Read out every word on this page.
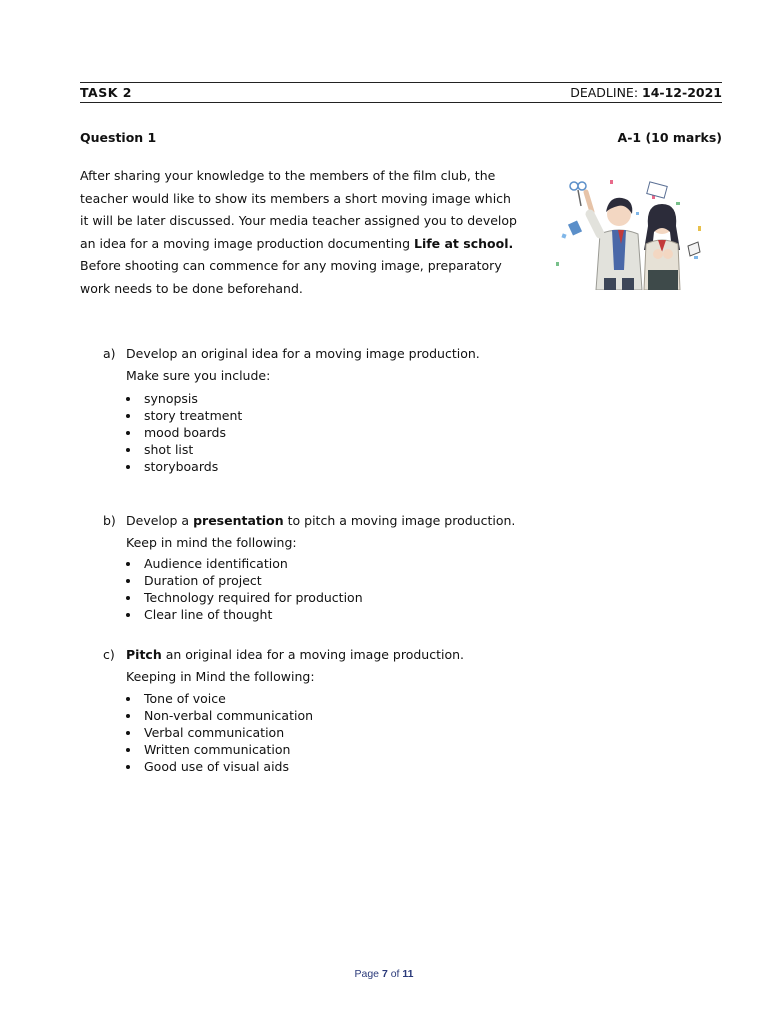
TASK 2	DEADLINE: 14-12-2021
Question 1	A-1 (10 marks)
After sharing your knowledge to the members of the film club, the
teacher would like to show its members a short moving image which
it will be later discussed. Your media teacher assigned you to develop
an idea for a moving image production documenting Life at school.
Before shooting can commence for any moving image, preparatory
work needs to be done beforehand.
a) Develop an original idea for a moving image production.
Make sure you include:
synopsis
story treatment
mood boards
shot list
storyboards
b) Develop a presentation to pitch a moving image production.
Keep in mind the following:
Audience identification
Duration of project
Technology required for production
Clear line of thought
c) Pitch an original idea for a moving image production.
Keeping in Mind the following:
Tone of voice
Non-verbal communication
Verbal communication
Written communication
Good use of visual aids
Page 7 of 11
